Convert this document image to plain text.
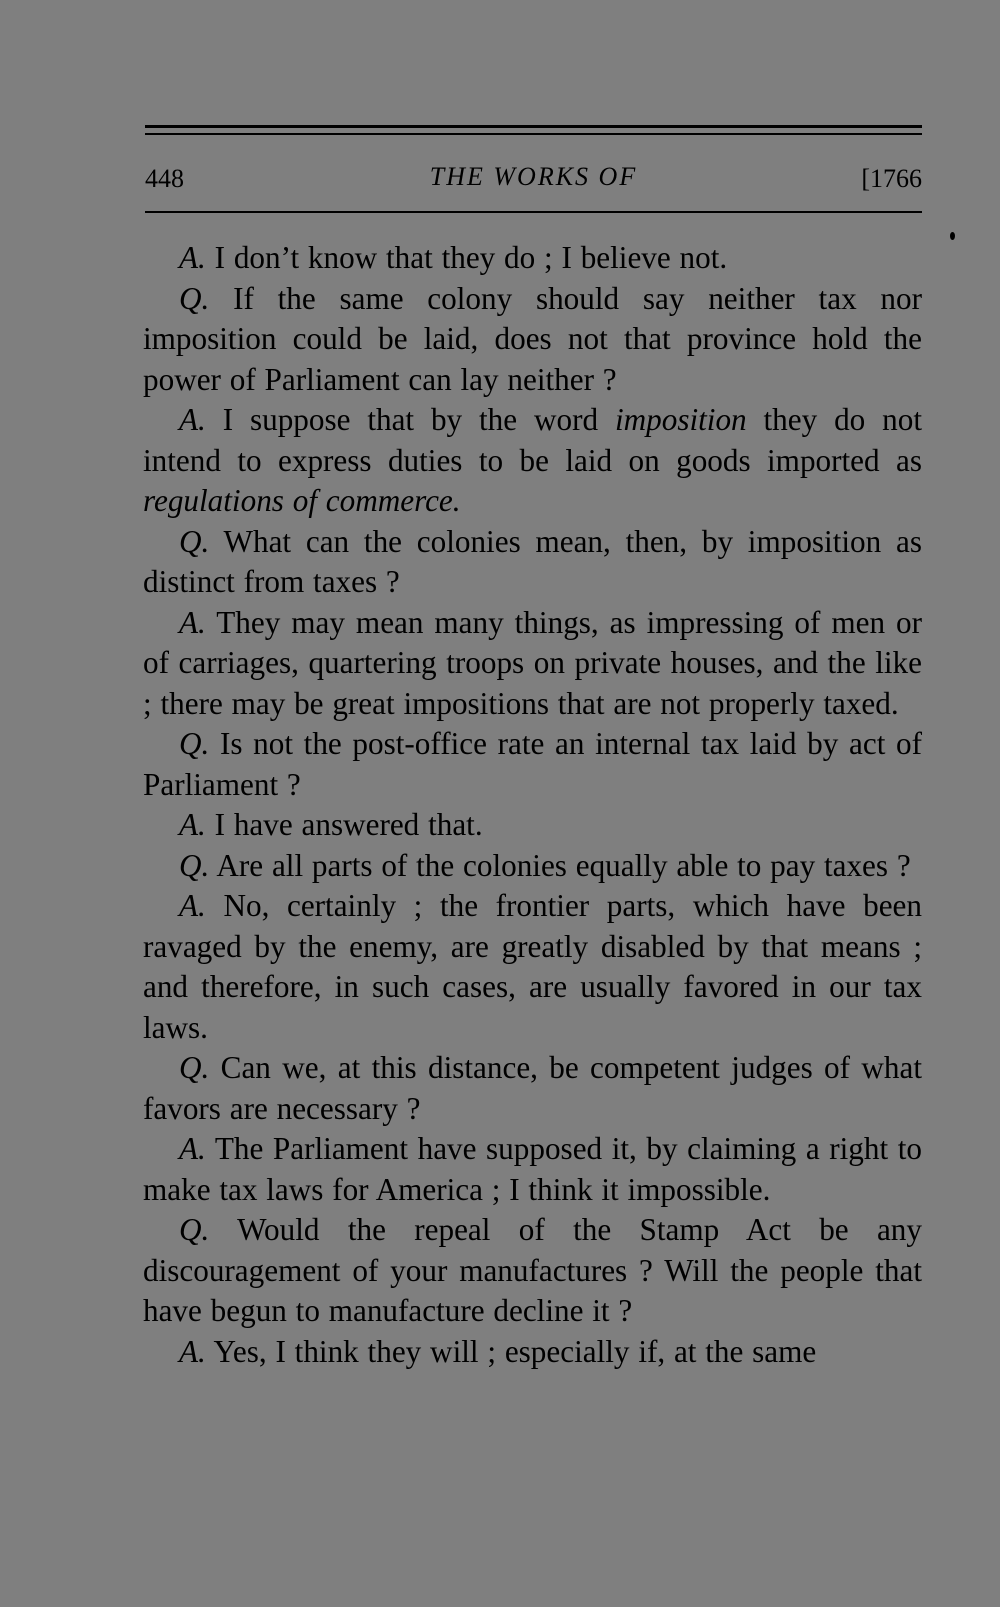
448	THE WORKS OF	[1766

A. I don’t know that they do ; I believe not.

Q. If the same colony should say neither tax nor imposition could be laid, does not that province hold the power of Parliament can lay neither ?

A. I suppose that by the word imposition they do not intend to express duties to be laid on goods imported as regulations of commerce.

Q. What can the colonies mean, then, by imposition as distinct from taxes ?

A. They may mean many things, as impressing of men or of carriages, quartering troops on private houses, and the like ; there may be great impositions that are not properly taxed.

Q. Is not the post-office rate an internal tax laid by act of Parliament ?

A. I have answered that.

Q. Are all parts of the colonies equally able to pay taxes ?

A. No, certainly ; the frontier parts, which have been ravaged by the enemy, are greatly disabled by that means ; and therefore, in such cases, are usually favored in our tax laws.

Q. Can we, at this distance, be competent judges of what favors are necessary ?

A. The Parliament have supposed it, by claiming a right to make tax laws for America ; I think it impossible.

Q. Would the repeal of the Stamp Act be any discouragement of your manufactures ? Will the people that have begun to manufacture decline it ?

A. Yes, I think they will ; especially if, at the same
